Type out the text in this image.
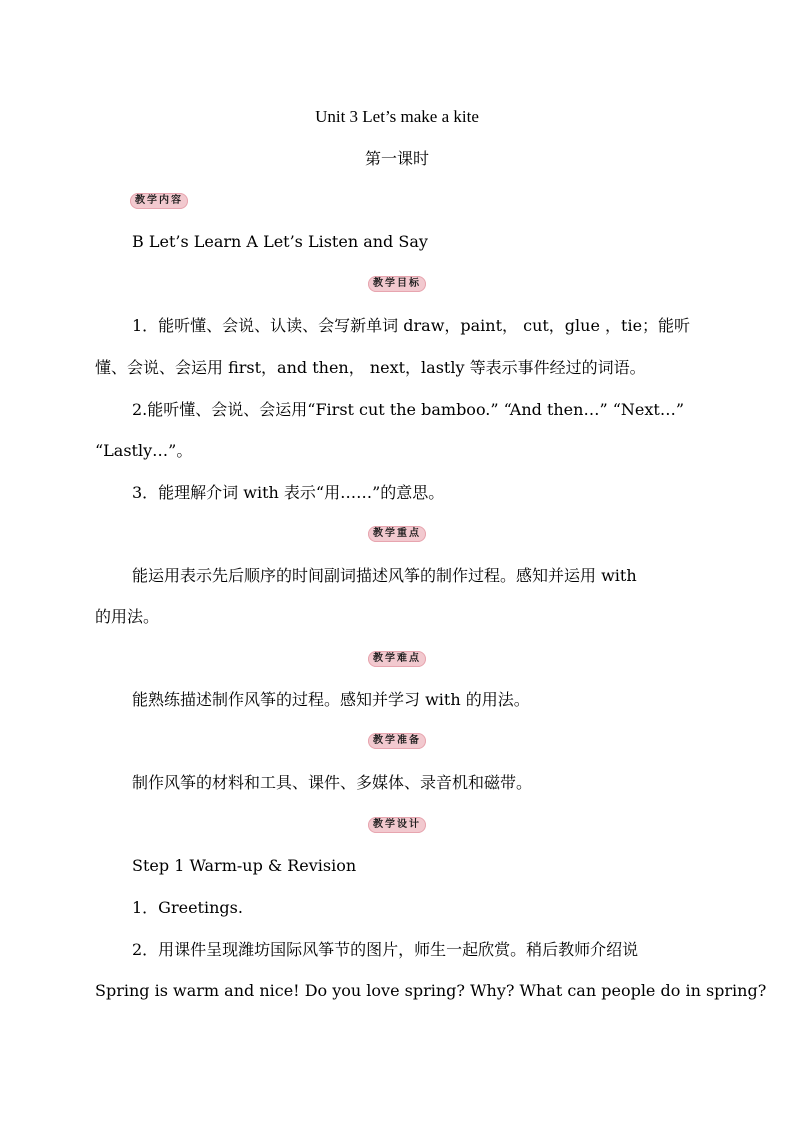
Unit 3 Let’s make a kite
第一课时
教学内容
B Let’s Learn A Let’s Listen and Say
教学目标
1．能听懂、会说、认读、会写新单词 draw，paint， cut，glue ，tie；能听
懂、会说、会运用 first，and then， next，lastly 等表示事件经过的词语。
2.能听懂、会说、会运用“First cut the bamboo.” “And then…” “Next…”
“Lastly…”。
3．能理解介词 with 表示“用……”的意思。
教学重点
能运用表示先后顺序的时间副词描述风筝的制作过程。感知并运用 with
的用法。
教学难点
能熟练描述制作风筝的过程。感知并学习 with 的用法。
教学准备
制作风筝的材料和工具、课件、多媒体、录音机和磁带。
教学设计
Step 1 Warm-up & Revision
1．Greetings.
2．用课件呈现潍坊国际风筝节的图片，师生一起欣赏。稍后教师介绍说
Spring is warm and nice! Do you love spring? Why? What can people do in spring?
